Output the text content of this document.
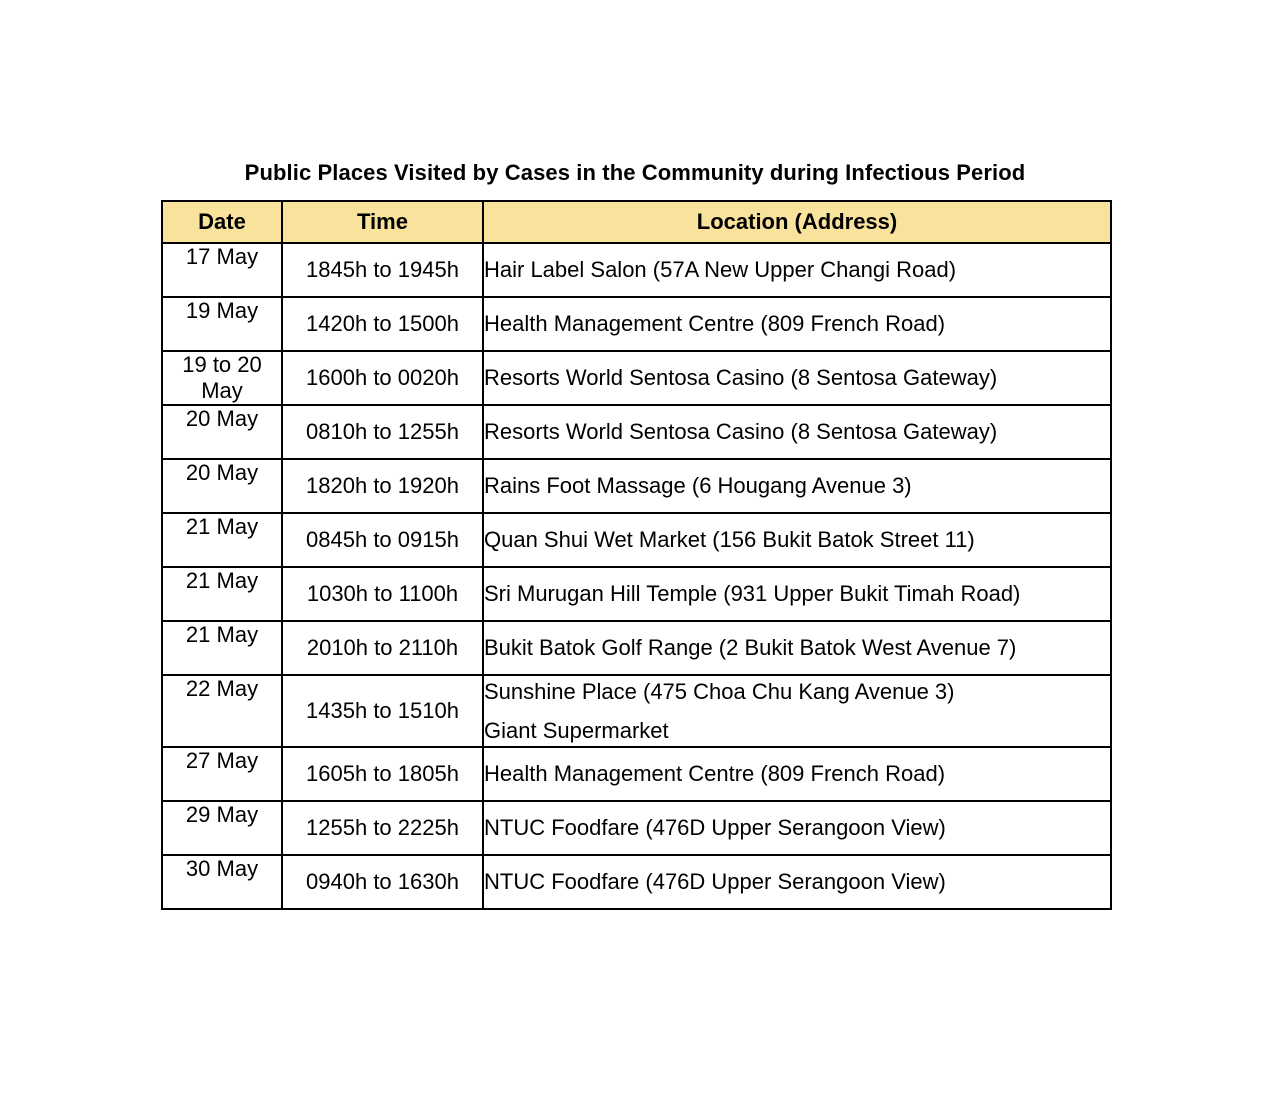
Public Places Visited by Cases in the Community during Infectious Period
Date	Time	Location (Address)
17 May	1845h to 1945h	Hair Label Salon (57A New Upper Changi Road)

19 May	1420h to 1500h	Health Management Centre (809 French Road)

19 to 20 May	1600h to 0020h	Resorts World Sentosa Casino (8 Sentosa Gateway)

20 May	0810h to 1255h	Resorts World Sentosa Casino (8 Sentosa Gateway)

20 May	1820h to 1920h	Rains Foot Massage (6 Hougang Avenue 3)

21 May	0845h to 0915h	Quan Shui Wet Market (156 Bukit Batok Street 11)

21 May	1030h to 1100h	Sri Murugan Hill Temple (931 Upper Bukit Timah Road)

21 May	2010h to 2110h	Bukit Batok Golf Range (2 Bukit Batok West Avenue 7)

22 May	1435h to 1510h	Sunshine Place (475 Choa Chu Kang Avenue 3)
Giant Supermarket

27 May	1605h to 1805h	Health Management Centre (809 French Road)

29 May	1255h to 2225h	NTUC Foodfare (476D Upper Serangoon View)

30 May	0940h to 1630h	NTUC Foodfare (476D Upper Serangoon View)
